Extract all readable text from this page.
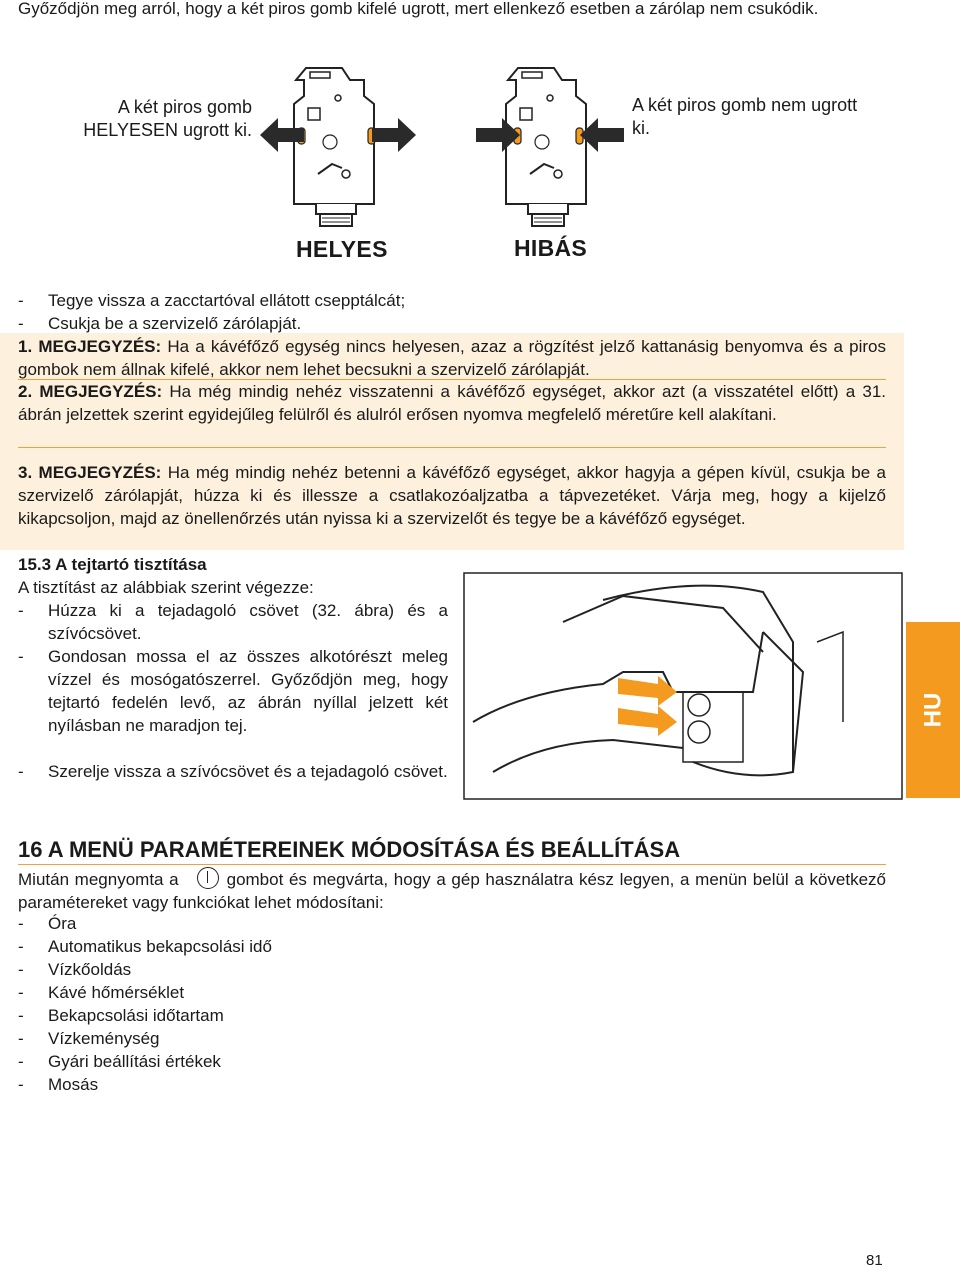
Győződjön meg arról, hogy a két piros gomb kifelé ugrott, mert ellenkező esetben a zárólap nem csukódik.
A két piros gomb
HELYESEN ugrott ki.
A két piros gomb nem ugrott
ki.
HELYES	HIBÁS
-	Tegye vissza a zacctartóval ellátott csepptálcát;
-	Csukja be a szervizelő zárólapját.
1. MEGJEGYZÉS: Ha a kávéfőző egység nincs helyesen, azaz a rögzítést jelző kattanásig benyomva és a piros gombok nem állnak kifelé, akkor nem lehet becsukni a szervizelő zárólapját.
2. MEGJEGYZÉS: Ha még mindig nehéz visszatenni a kávéfőző egységet, akkor azt (a visszatétel előtt) a 31. ábrán jelzettek szerint egyidejűleg felülről és alulról erősen nyomva megfelelő méretűre kell alakítani.
3. MEGJEGYZÉS: Ha még mindig nehéz betenni a kávéfőző egységet, akkor hagyja a gépen kívül, csukja be a szervizelő zárólapját, húzza ki és illessze a csatlakozóaljzatba a tápvezetéket. Várja meg, hogy a kijelző kikapcsoljon, majd az önellenőrzés után nyissa ki a szervizelőt és tegye be a kávéfőző egységet.
15.3 A tejtartó tisztítása
A tisztítást az alábbiak szerint végezze:
-	Húzza ki a tejadagoló csövet (32. ábra) és a szívócsövet.
-	Gondosan mossa el az összes alkotórészt meleg vízzel és mosógatószerrel. Győződjön meg, hogy tejtartó fedelén levő, az ábrán nyíllal jelzett két nyílásban ne maradjon tej.
-	Szerelje vissza a szívócsövet és a tejadagoló csövet.
HU
16 A MENÜ PARAMÉTEREINEK MÓDOSÍTÁSA ÉS BEÁLLÍTÁSA
Miután megnyomta a	gombot és megvárta, hogy a gép használatra kész legyen, a menün belül a következő paramétereket vagy funkciókat lehet módosítani:
-	Óra
-	Automatikus bekapcsolási idő
-	Vízkőoldás
-	Kávé hőmérséklet
-	Bekapcsolási időtartam
-	Vízkeménység
-	Gyári beállítási értékek
-	Mosás
81
